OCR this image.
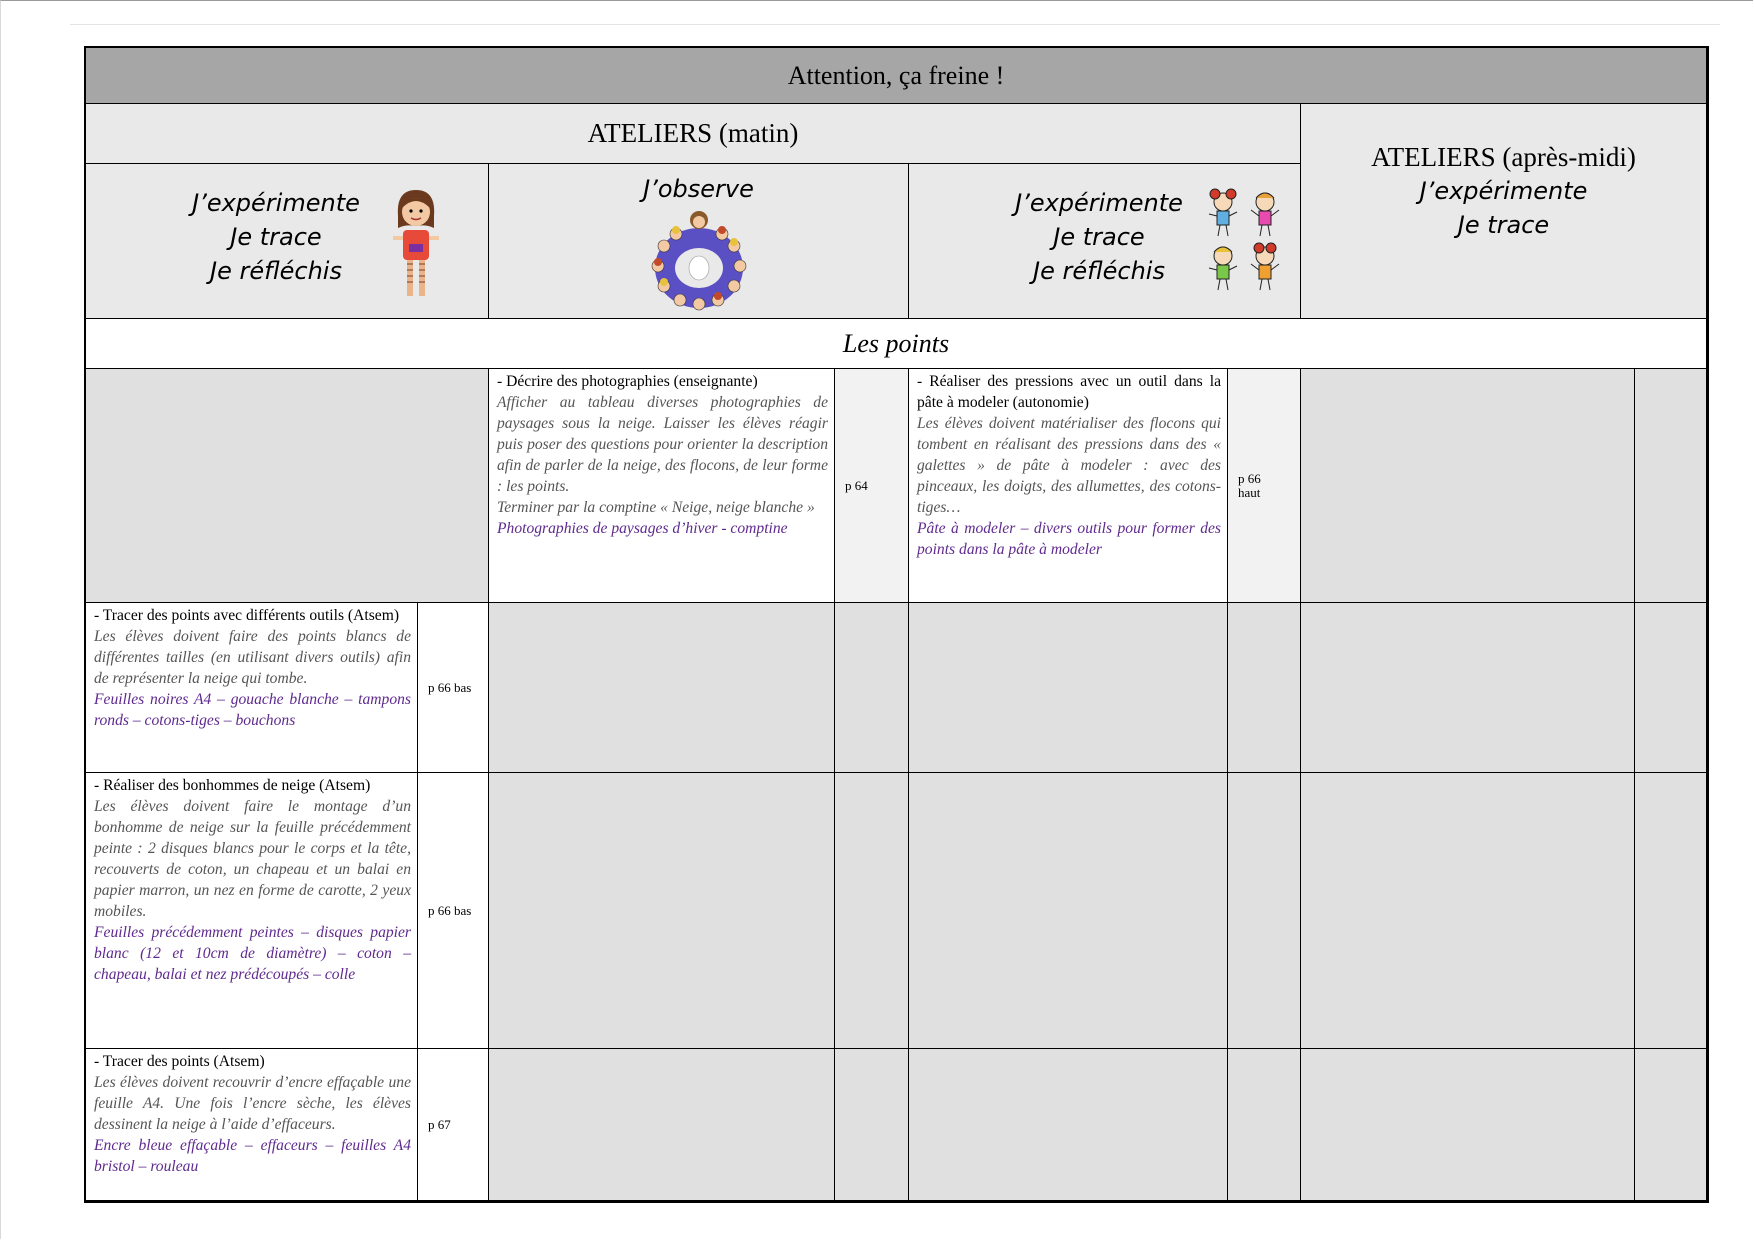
Attention, ça freine !
ATELIERS (matin)
ATELIERS (après-midi)
J’expérimente
Je trace
J’expérimente
Je trace
Je réfléchis
J’observe	J’expérimente
Je trace
Je réfléchis
Les points
- Décrire des photographies (enseignante)
Afficher au tableau diverses photographies de paysages sous la neige. Laisser les élèves réagir puis poser des questions pour orienter la description afin de parler de la neige, des flocons, de leur forme : les points.
Terminer par la comptine « Neige, neige blanche »
Photographies de paysages d’hiver - comptine
p 64
- Réaliser des pressions avec un outil dans la pâte à modeler (autonomie)
Les élèves doivent matérialiser des flocons qui tombent en réalisant des pressions dans des « galettes » de pâte à modeler : avec des pinceaux, les doigts, des allumettes, des cotons-tiges…
Pâte à modeler – divers outils pour former des points dans la pâte à modeler
p 66
haut
- Tracer des points avec différents outils (Atsem)
Les élèves doivent faire des points blancs de différentes tailles (en utilisant divers outils) afin de représenter la neige qui tombe.
Feuilles noires A4 – gouache blanche – tampons ronds – cotons-tiges – bouchons
p 66 bas
- Réaliser des bonhommes de neige (Atsem)
Les élèves doivent faire le montage d’un bonhomme de neige sur la feuille précédemment peinte : 2 disques blancs pour le corps et la tête, recouverts de coton, un chapeau et un balai en papier marron, un nez en forme de carotte, 2 yeux mobiles.
Feuilles précédemment peintes – disques papier blanc (12 et 10cm de diamètre) – coton – chapeau, balai et nez prédécoupés – colle
p 66 bas
- Tracer des points (Atsem)
Les élèves doivent recouvrir d’encre effaçable une feuille A4. Une fois l’encre sèche, les élèves dessinent la neige à l’aide d’effaceurs.
Encre bleue effaçable – effaceurs – feuilles A4 bristol – rouleau
p 67
